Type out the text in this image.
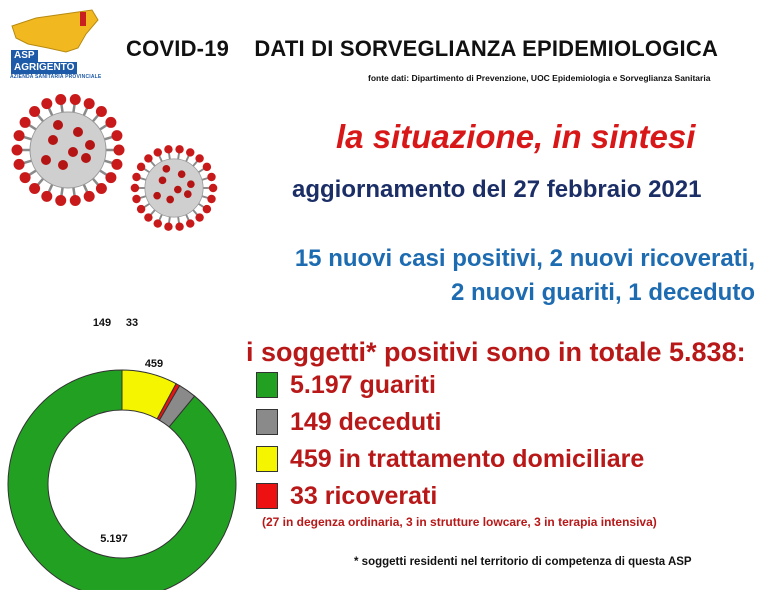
ASP
AGRIGENTO
AZIENDA SANITARIA PROVINCIALE
COVID-19    DATI DI SORVEGLIANZA EPIDEMIOLOGICA
fonte dati: Dipartimento di Prevenzione, UOC Epidemiologia e Sorveglianza Sanitaria
la situazione, in sintesi
aggiornamento del 27 febbraio 2021
15 nuovi casi positivi, 2 nuovi ricoverati,
2 nuovi guariti, 1 deceduto
i soggetti* positivi sono in totale 5.838:
5.197 guariti
149 deceduti
459 in trattamento domiciliare
33 ricoverati
(27 in degenza ordinaria, 3 in strutture lowcare, 3 in terapia intensiva)
* soggetti residenti nel territorio di competenza di questa ASP
5.197
149 33
459
